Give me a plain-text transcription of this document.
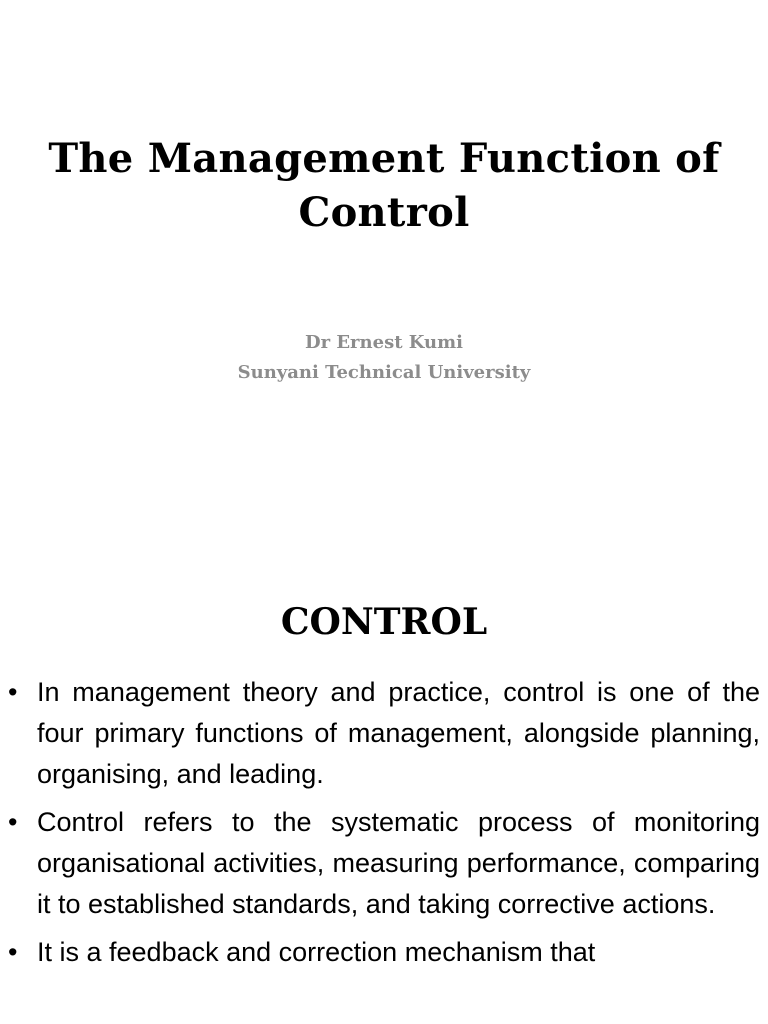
The Management Function of Control

Dr Ernest Kumi

Sunyani Technical University

CONTROL
• In management theory and practice, control is one of the four primary functions of management, alongside planning, organising, and leading.
• Control refers to the systematic process of monitoring organisational activities, measuring performance, comparing it to established standards, and taking corrective actions.
• It is a feedback and correction mechanism that
